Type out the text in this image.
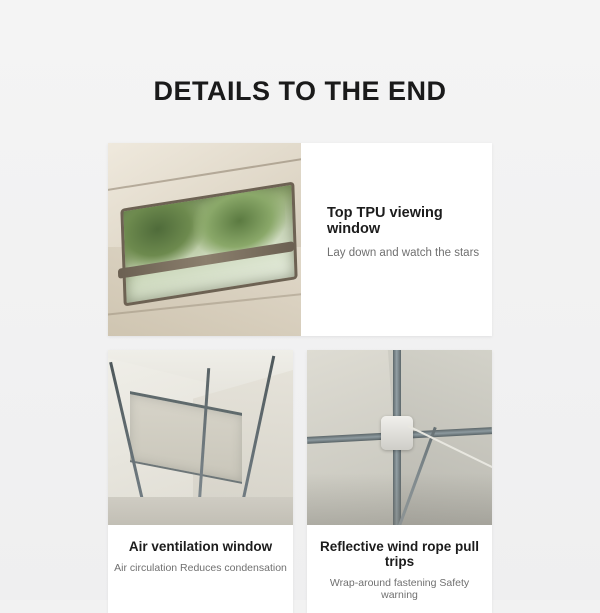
DETAILS TO THE END

Top TPU viewing window

Lay down and watch the stars

Air ventilation window

Air circulation Reduces condensation

Reflective wind rope pull trips

Wrap-around fastening Safety warning
